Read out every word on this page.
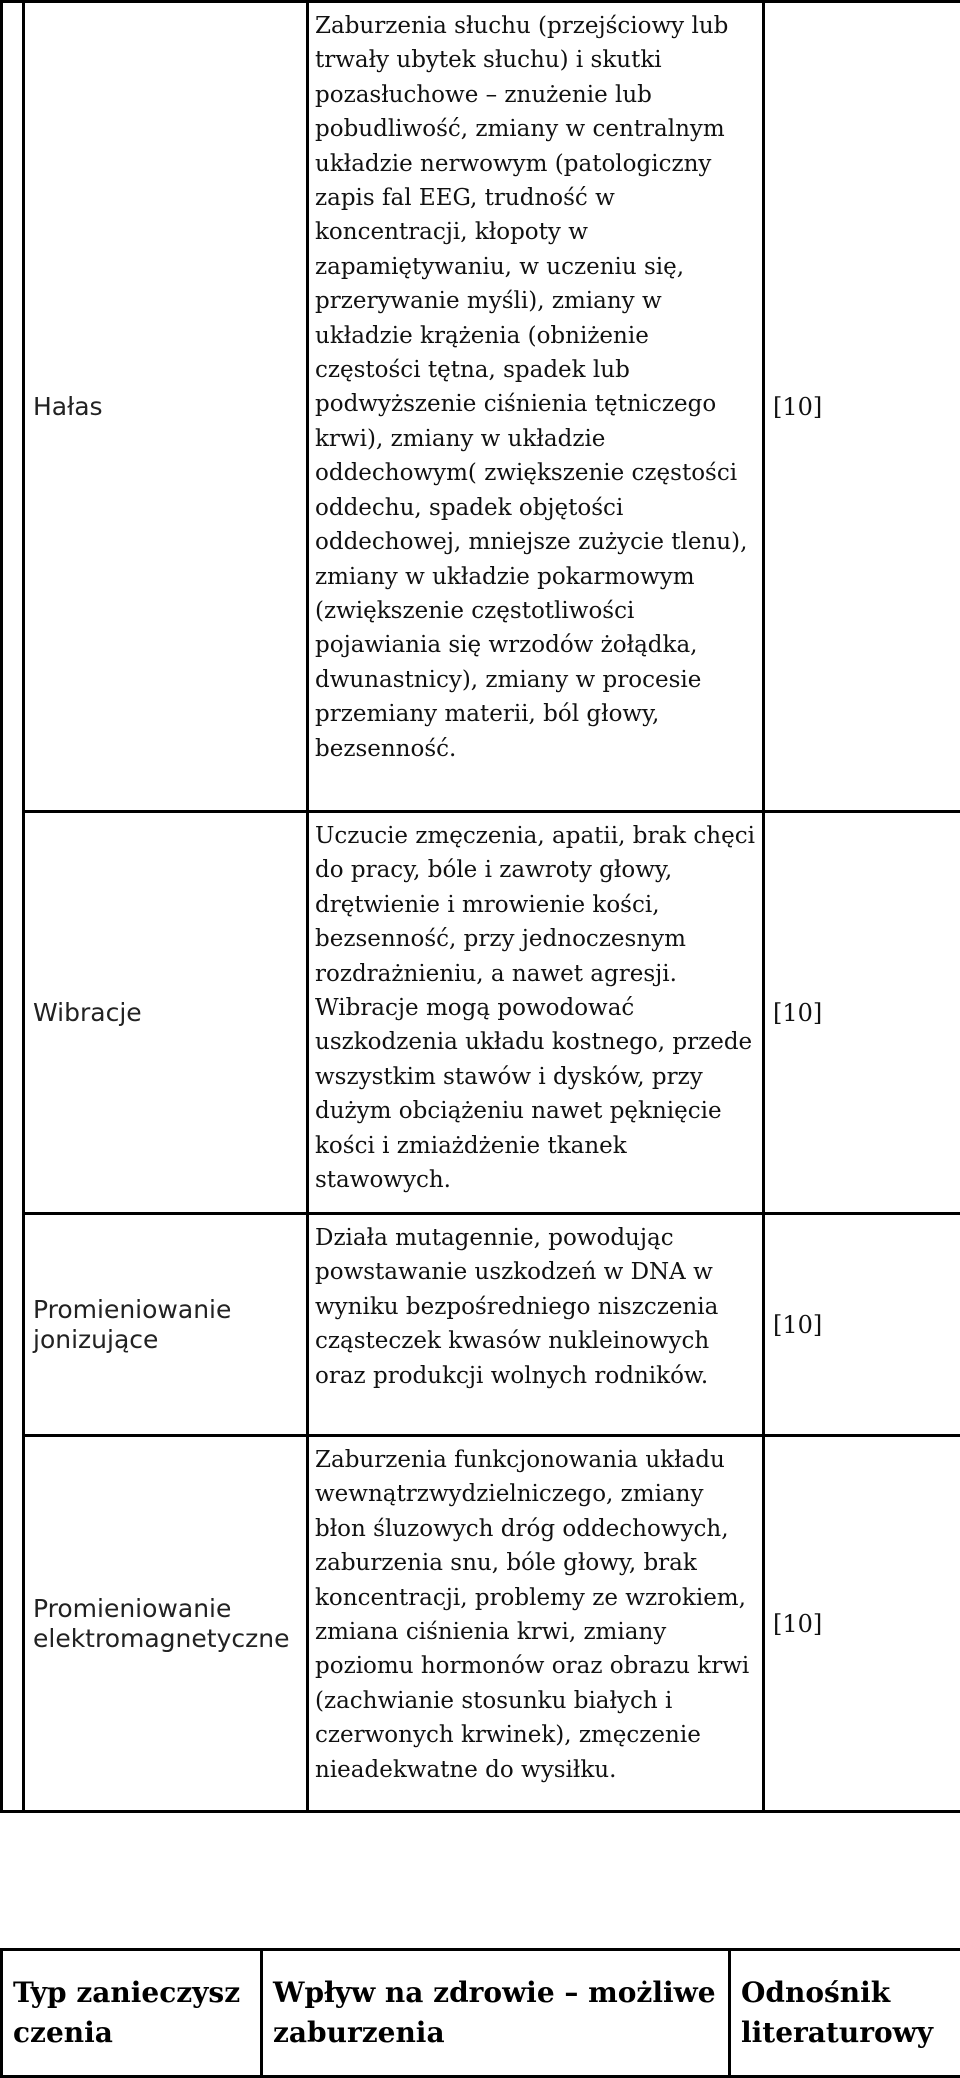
	Hałas	Zaburzenia słuchu (przejściowy lub trwały ubytek słuchu) i skutki pozasłuchowe – znużenie lub pobudliwość, zmiany w centralnym układzie nerwowym (patologiczny zapis fal EEG, trudność w koncentracji, kłopoty w zapamiętywaniu, w uczeniu się, przerywanie myśli), zmiany w układzie krążenia (obniżenie częstości tętna, spadek lub podwyższenie ciśnienia tętniczego krwi), zmiany w układzie oddechowym( zwiększenie częstości oddechu, spadek objętości oddechowej, mniejsze zużycie tlenu), zmiany w układzie pokarmowym (zwiększenie częstotliwości pojawiania się wrzodów żołądka, dwunastnicy), zmiany w procesie przemiany materii, ból głowy, bezsenność.	[10]
	Wibracje	Uczucie zmęczenia, apatii, brak chęci do pracy, bóle i zawroty głowy, drętwienie i mrowienie kości, bezsenność, przy jednoczesnym rozdrażnieniu, a nawet agresji. Wibracje mogą powodować uszkodzenia układu kostnego, przede wszystkim stawów i dysków, przy dużym obciążeniu nawet pęknięcie kości i zmiażdżenie tkanek stawowych.	[10]
	Promieniowanie jonizujące	Działa mutagennie, powodując powstawanie uszkodzeń w DNA w wyniku bezpośredniego niszczenia cząsteczek kwasów nukleinowych oraz produkcji wolnych rodników.	[10]
	Promieniowanie elektromagnetyczne	Zaburzenia funkcjonowania układu wewnątrzwydzielniczego, zmiany błon śluzowych dróg oddechowych, zaburzenia snu, bóle głowy, brak koncentracji, problemy ze wzrokiem, zmiana ciśnienia krwi, zmiany poziomu hormonów oraz obrazu krwi (zachwianie stosunku białych i czerwonych krwinek), zmęczenie nieadekwatne do wysiłku.	[10]
Typ zanieczyszczenia	Wpływ na zdrowie – możliwe zaburzenia	Odnośnik literaturowy
